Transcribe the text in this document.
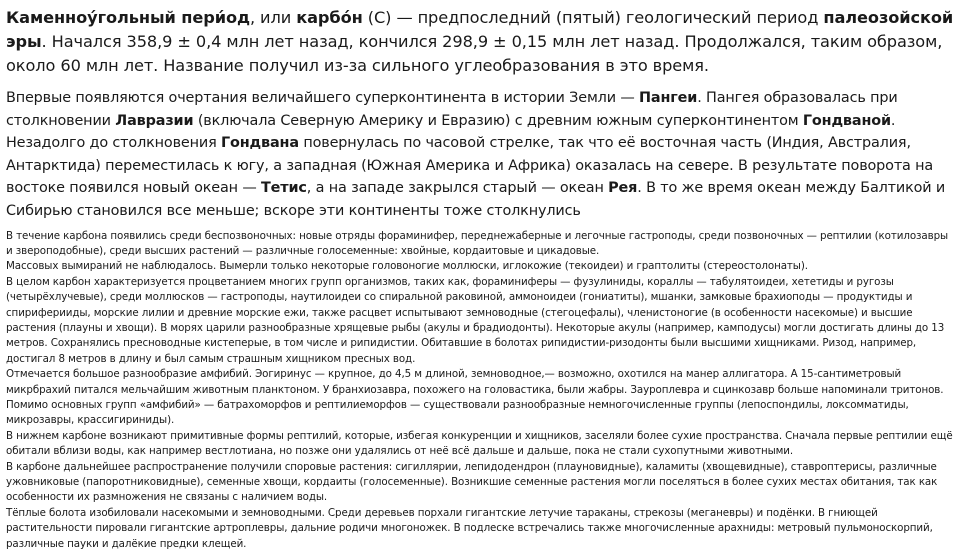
Каменноу́гольный пери́од, или карбо́н (C) — предпоследний (пятый) геологический период палеозойской эры. Начался 358,9 ± 0,4 млн лет назад, кончился 298,9 ± 0,15 млн лет назад. Продолжался, таким образом, около 60 млн лет. Название получил из-за сильного углеобразования в это время.

Впервые появляются очертания величайшего суперконтинента в истории Земли — Пангеи. Пангея образовалась при столкновении Лавразии (включала Северную Америку и Евразию) с древним южным суперконтинентом Гондваной. Незадолго до столкновения Гондвана повернулась по часовой стрелке, так что её восточная часть (Индия, Австралия, Антарктида) переместилась к югу, а западная (Южная Америка и Африка) оказалась на севере. В результате поворота на востоке появился новый океан — Тетис, а на западе закрылся старый — океан Рея. В то же время океан между Балтикой и Сибирью становился все меньше; вскоре эти континенты тоже столкнулись

В течение карбона появились среди беспозвоночных: новые отряды фораминифер, переднежаберные и легочные гастроподы, среди позвоночных — рептилии (котилозавры и звероподобные), среди высших растений — различные голосеменные: хвойные, кордаитовые и цикадовые.

Массовых вымираний не наблюдалось. Вымерли только некоторые головоногие моллюски, иглокожие (текоидеи) и граптолиты (стереостолонаты).

В целом карбон характеризуется процветанием многих групп организмов, таких как, фораминиферы — фузулиниды, кораллы — табулятоидеи, хететиды и ругозы (четырёхлучевые), среди моллюсков — гастроподы, наутилоидеи со спиральной раковиной, аммоноидеи (гониатиты), мшанки, замковые брахиоподы — продуктиды и спириферииды, морские лилии и древние морские ежи, также расцвет испытывают земноводные (стегоцефалы), членистоногие (в особенности насекомые) и высшие растения (плауны и хвощи). В морях царили разнообразные хрящевые рыбы (акулы и брадиодонты). Некоторые акулы (например, камподусы) могли достигать длины до 13 метров. Сохранялись пресноводные кистеперые, в том числе и рипидистии. Обитавшие в болотах рипидистии-ризодонты были высшими хищниками. Ризод, например, достигал 8 метров в длину и был самым страшным хищником пресных вод.

Отмечается большое разнообразие амфибий. Эогиринус — крупное, до 4,5 м длиной, земноводное,— возможно, охотился на манер аллигатора. А 15-сантиметровый микрбрахий питался мельчайшим животным планктоном. У бранхиозавра, похожего на головастика, были жабры. Зауроплевра и сцинкозавр больше напоминали тритонов. Помимо основных групп «амфибий» — батрахоморфов и рептилиеморфов — существовали разнообразные немногочисленные группы (лепоспондилы, локсомматиды, микрозавры, крассигириниды).

В нижнем карбоне возникают примитивные формы рептилий, которые, избегая конкуренции и хищников, заселяли более сухие пространства. Сначала первые рептилии ещё обитали вблизи воды, как например вестлотиана, но позже они удалялись от неё всё дальше и дальше, пока не стали сухопутными животными.

В карбоне дальнейшее распространение получили споровые растения: сигиллярии, лепидодендрон (плауновидные), каламиты (хвощевидные), ставроптерисы, различные ужовниковые (папоротниковидные), семенные хвощи, кордаиты (голосеменные). Возникшие семенные растения могли поселяться в более сухих местах обитания, так как особенности их размножения не связаны с наличием воды.

Тёплые болота изобиловали насекомыми и земноводными. Среди деревьев порхали гигантские летучие тараканы, стрекозы (меганевры) и подёнки. В гниющей растительности пировали гигантские артроплевры, дальние родичи многоножек. В подлеске встречались также многочисленные арахниды: метровый пульмоноскорпий, различные пауки и далёкие предки клещей.
